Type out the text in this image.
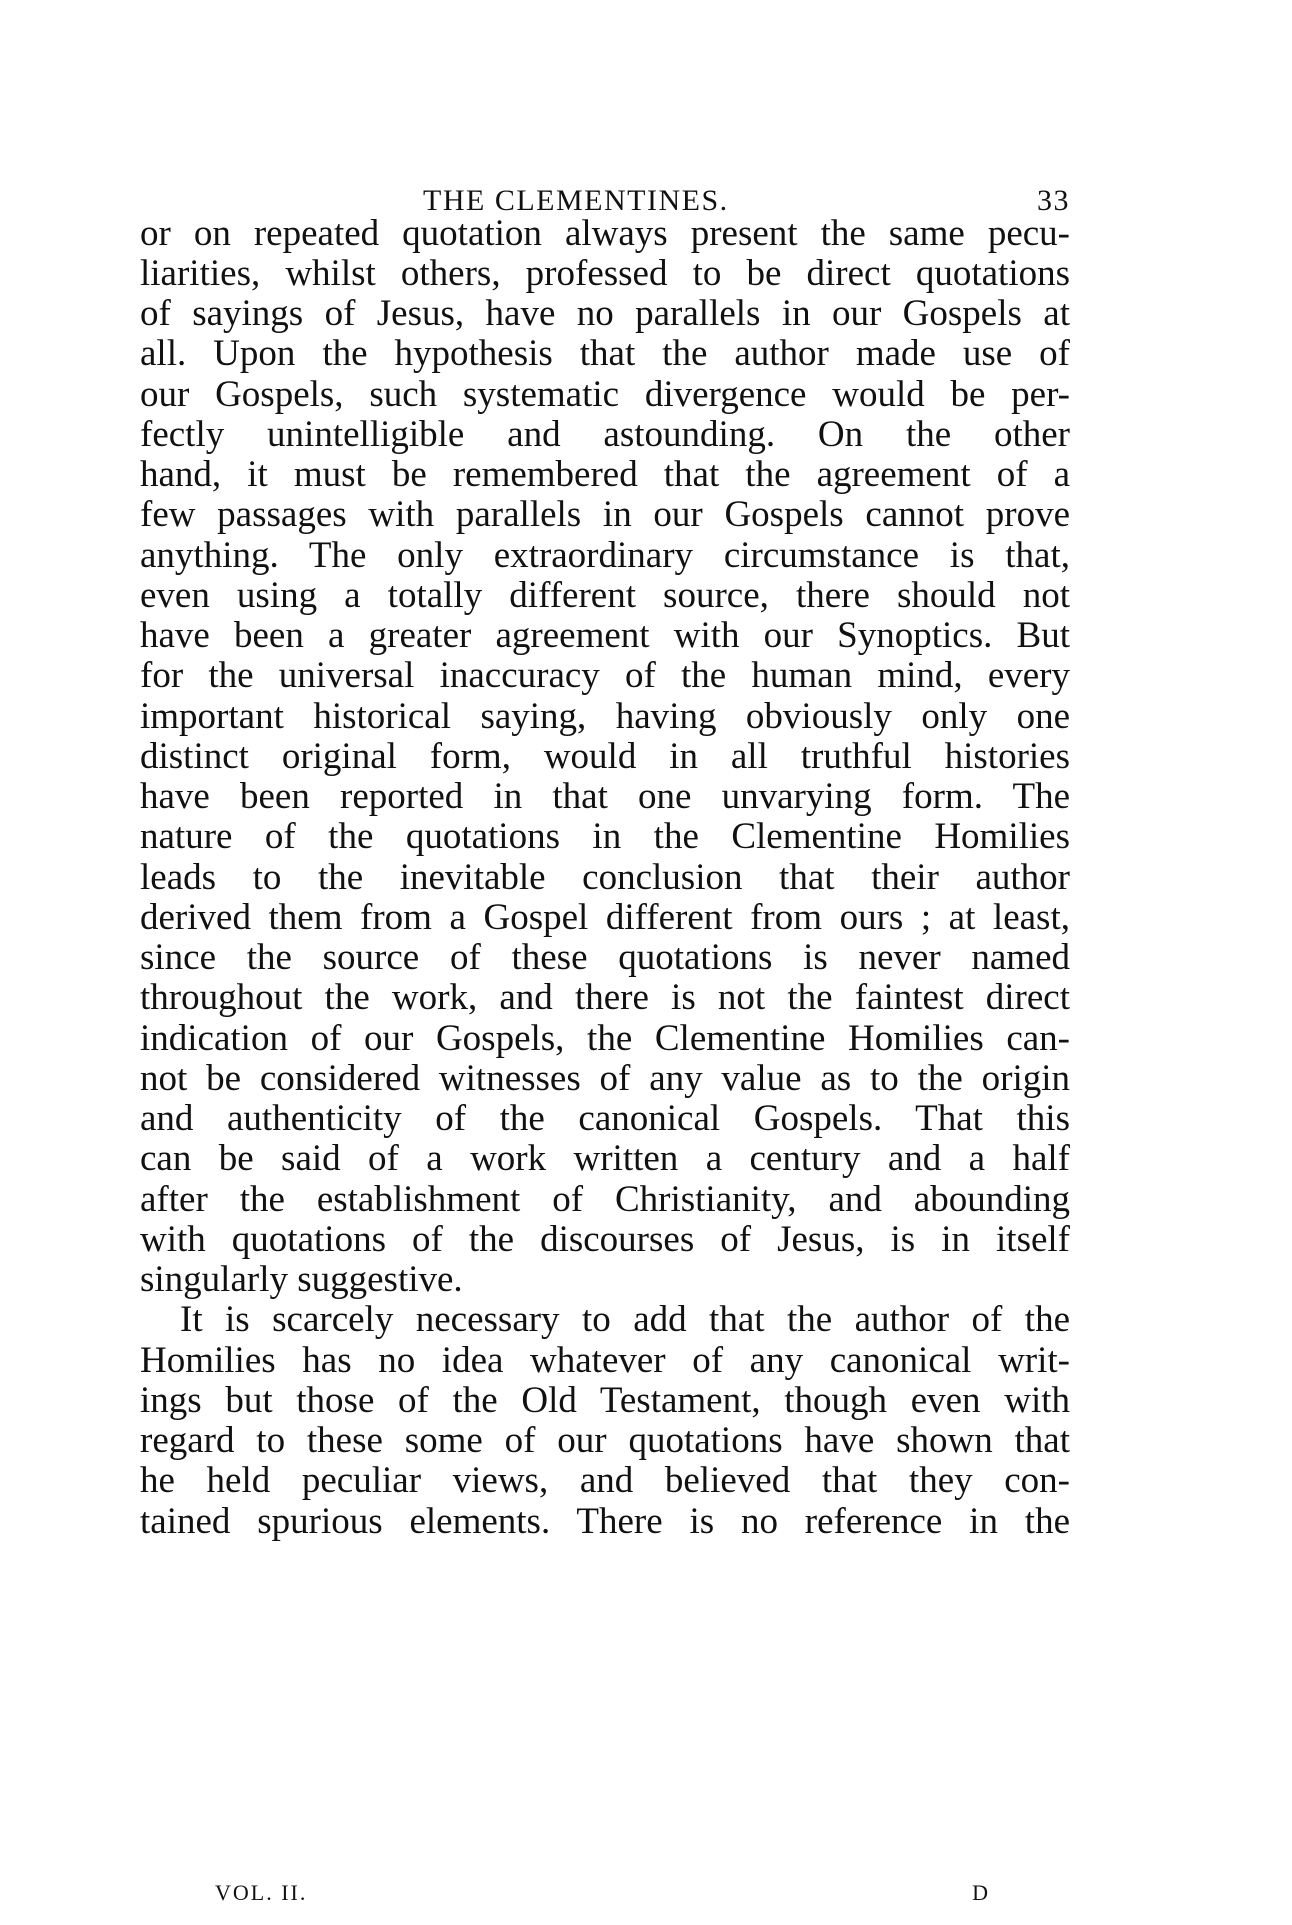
THE CLEMENTINES.	33
or on repeated quotation always present the same pecu-
liarities, whilst others, professed to be direct quotations
of sayings of Jesus, have no parallels in our Gospels at
all. Upon the hypothesis that the author made use of
our Gospels, such systematic divergence would be per-
fectly unintelligible and astounding. On the other
hand, it must be remembered that the agreement of a
few passages with parallels in our Gospels cannot prove
anything. The only extraordinary circumstance is that,
even using a totally different source, there should not
have been a greater agreement with our Synoptics. But
for the universal inaccuracy of the human mind, every
important historical saying, having obviously only one
distinct original form, would in all truthful histories
have been reported in that one unvarying form. The
nature of the quotations in the Clementine Homilies
leads to the inevitable conclusion that their author
derived them from a Gospel different from ours ; at least,
since the source of these quotations is never named
throughout the work, and there is not the faintest direct
indication of our Gospels, the Clementine Homilies can-
not be considered witnesses of any value as to the origin
and authenticity of the canonical Gospels. That this
can be said of a work written a century and a half
after the establishment of Christianity, and abounding
with quotations of the discourses of Jesus, is in itself
singularly suggestive.
It is scarcely necessary to add that the author of the
Homilies has no idea whatever of any canonical writ-
ings but those of the Old Testament, though even with
regard to these some of our quotations have shown that
he held peculiar views, and believed that they con-
tained spurious elements. There is no reference in the
VOL. II.	D
